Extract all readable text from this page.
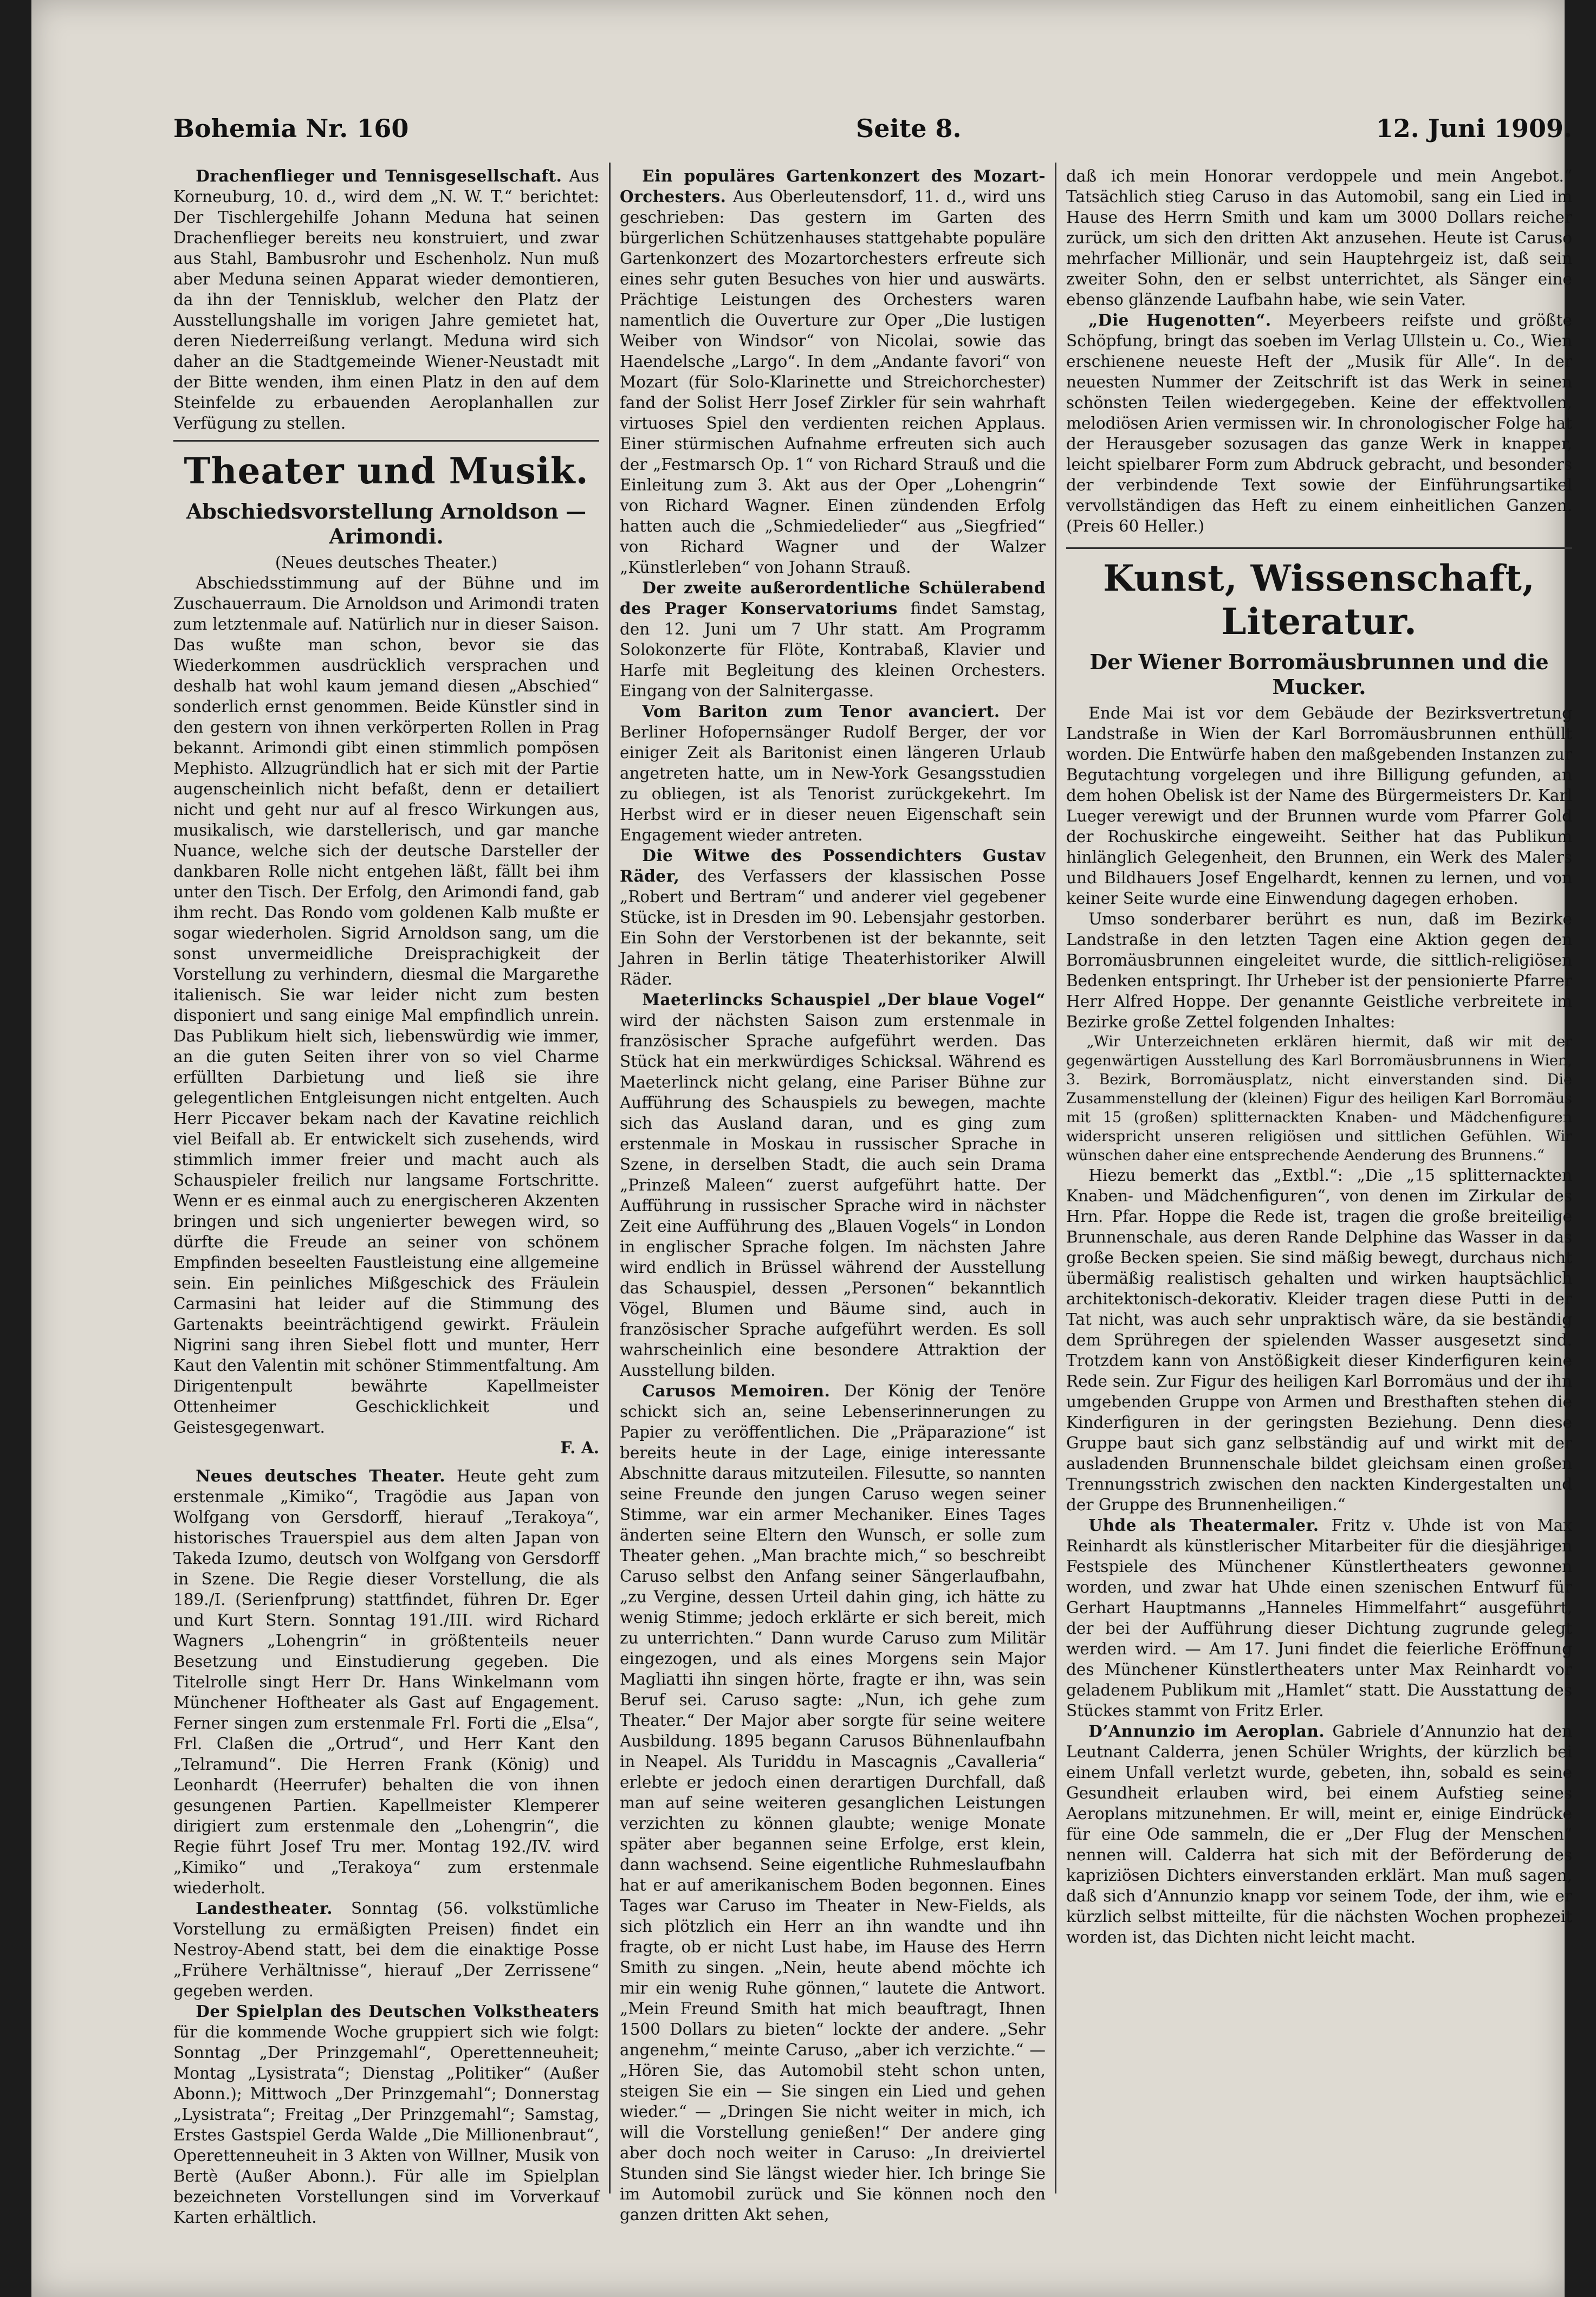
Bohemia Nr. 160	Seite 8.	12. Juni 1909.

Drachenflieger und Tennisgesellschaft. Aus Korneuburg, 10. d., wird dem „N. W. T.“ berichtet: Der Tischlergehilfe Johann Meduna hat seinen Drachenflieger bereits neu konstruiert, und zwar aus Stahl, Bambusrohr und Eschenholz. Nun muß aber Meduna seinen Apparat wieder demontieren, da ihn der Tennisklub, welcher den Platz der Ausstellungshalle im vorigen Jahre gemietet hat, deren Niederreißung verlangt. Meduna wird sich daher an die Stadtgemeinde Wiener-Neustadt mit der Bitte wenden, ihm einen Platz in den auf dem Steinfelde zu erbauenden Aeroplanhallen zur Verfügung zu stellen.

Theater und Musik.
Abschiedsvorstellung Arnoldson — Arimondi.

(Neues deutsches Theater.)

Abschiedsstimmung auf der Bühne und im Zuschauerraum. Die Arnoldson und Arimondi traten zum letztenmale auf. Natürlich nur in dieser Saison. Das wußte man schon, bevor sie das Wiederkommen ausdrücklich versprachen und deshalb hat wohl kaum jemand diesen „Abschied“ sonderlich ernst genommen. Beide Künstler sind in den gestern von ihnen verkörperten Rollen in Prag bekannt. Arimondi gibt einen stimmlich pompösen Mephisto. Allzugründlich hat er sich mit der Partie augenscheinlich nicht befaßt, denn er detailiert nicht und geht nur auf al fresco Wirkungen aus, musikalisch, wie darstellerisch, und gar manche Nuance, welche sich der deutsche Darsteller der dankbaren Rolle nicht entgehen läßt, fällt bei ihm unter den Tisch. Der Erfolg, den Arimondi fand, gab ihm recht. Das Rondo vom goldenen Kalb mußte er sogar wiederholen. Sigrid Arnoldson sang, um die sonst unvermeidliche Dreisprachigkeit der Vorstellung zu verhindern, diesmal die Margarethe italienisch. Sie war leider nicht zum besten disponiert und sang einige Mal empfindlich unrein. Das Publikum hielt sich, liebenswürdig wie immer, an die guten Seiten ihrer von so viel Charme erfüllten Darbietung und ließ sie ihre gelegentlichen Entgleisungen nicht entgelten. Auch Herr Piccaver bekam nach der Kavatine reichlich viel Beifall ab. Er entwickelt sich zusehends, wird stimmlich immer freier und macht auch als Schauspieler freilich nur langsame Fortschritte. Wenn er es einmal auch zu energischeren Akzenten bringen und sich ungenierter bewegen wird, so dürfte die Freude an seiner von schönem Empfinden beseelten Faustleistung eine allgemeine sein. Ein peinliches Mißgeschick des Fräulein Carmasini hat leider auf die Stimmung des Gartenakts beeinträchtigend gewirkt. Fräulein Nigrini sang ihren Siebel flott und munter, Herr Kaut den Valentin mit schöner Stimmentfaltung. Am Dirigentenpult bewährte Kapellmeister Ottenheimer Geschicklichkeit und Geistesgegenwart.

F. A.

Neues deutsches Theater. Heute geht zum erstenmale „Kimiko“, Tragödie aus Japan von Wolfgang von Gersdorff, hierauf „Terakoya“, historisches Trauerspiel aus dem alten Japan von Takeda Izumo, deutsch von Wolfgang von Gersdorff in Szene. Die Regie dieser Vorstellung, die als 189./I. (Serienfprung) stattfindet, führen Dr. Eger und Kurt Stern. Sonntag 191./III. wird Richard Wagners „Lohengrin“ in größtenteils neuer Besetzung und Einstudierung gegeben. Die Titelrolle singt Herr Dr. Hans Winkelmann vom Münchener Hoftheater als Gast auf Engagement. Ferner singen zum erstenmale Frl. Forti die „Elsa“, Frl. Claßen die „Ortrud“, und Herr Kant den „Telramund“. Die Herren Frank (König) und Leonhardt (Heerrufer) behalten die von ihnen gesungenen Partien. Kapellmeister Klemperer dirigiert zum erstenmale den „Lohengrin“, die Regie führt Josef Tru mer. Montag 192./IV. wird „Kimiko“ und „Terakoya“ zum erstenmale wiederholt.

Landestheater. Sonntag (56. volkstümliche Vorstellung zu ermäßigten Preisen) findet ein Nestroy-Abend statt, bei dem die einaktige Posse „Frühere Verhältnisse“, hierauf „Der Zerrissene“ gegeben werden.

Der Spielplan des Deutschen Volkstheaters für die kommende Woche gruppiert sich wie folgt: Sonntag „Der Prinzgemahl“, Operettenneuheit; Montag „Lysistrata“; Dienstag „Politiker“ (Außer Abonn.); Mittwoch „Der Prinzgemahl“; Donnerstag „Lysistrata“; Freitag „Der Prinzgemahl“; Samstag, Erstes Gastspiel Gerda Walde „Die Millionenbraut“, Operettenneuheit in 3 Akten von Willner, Musik von Bertè (Außer Abonn.). Für alle im Spielplan bezeichneten Vorstellungen sind im Vorverkauf Karten erhältlich.

Ein populäres Gartenkonzert des Mozart-Orchesters. Aus Oberleutensdorf, 11. d., wird uns geschrieben: Das gestern im Garten des bürgerlichen Schützenhauses stattgehabte populäre Gartenkonzert des Mozartorchesters erfreute sich eines sehr guten Besuches von hier und auswärts. Prächtige Leistungen des Orchesters waren namentlich die Ouverture zur Oper „Die lustigen Weiber von Windsor“ von Nicolai, sowie das Haendelsche „Largo“. In dem „Andante favori“ von Mozart (für Solo-Klarinette und Streichorchester) fand der Solist Herr Josef Zirkler für sein wahrhaft virtuoses Spiel den verdienten reichen Applaus. Einer stürmischen Aufnahme erfreuten sich auch der „Festmarsch Op. 1“ von Richard Strauß und die Einleitung zum 3. Akt aus der Oper „Lohengrin“ von Richard Wagner. Einen zündenden Erfolg hatten auch die „Schmiedelieder“ aus „Siegfried“ von Richard Wagner und der Walzer „Künstlerleben“ von Johann Strauß.

Der zweite außerordentliche Schülerabend des Prager Konservatoriums findet Samstag, den 12. Juni um 7 Uhr statt. Am Programm Solokonzerte für Flöte, Kontrabaß, Klavier und Harfe mit Begleitung des kleinen Orchesters. Eingang von der Salnitergasse.

Vom Bariton zum Tenor avanciert. Der Berliner Hofopernsänger Rudolf Berger, der vor einiger Zeit als Baritonist einen längeren Urlaub angetreten hatte, um in New-York Gesangsstudien zu obliegen, ist als Tenorist zurückgekehrt. Im Herbst wird er in dieser neuen Eigenschaft sein Engagement wieder antreten.

Die Witwe des Possendichters Gustav Räder, des Verfassers der klassischen Posse „Robert und Bertram“ und anderer viel gegebener Stücke, ist in Dresden im 90. Lebensjahr gestorben. Ein Sohn der Verstorbenen ist der bekannte, seit Jahren in Berlin tätige Theaterhistoriker Alwill Räder.

Maeterlincks Schauspiel „Der blaue Vogel“ wird der nächsten Saison zum erstenmale in französischer Sprache aufgeführt werden. Das Stück hat ein merkwürdiges Schicksal. Während es Maeterlinck nicht gelang, eine Pariser Bühne zur Aufführung des Schauspiels zu bewegen, machte sich das Ausland daran, und es ging zum erstenmale in Moskau in russischer Sprache in Szene, in derselben Stadt, die auch sein Drama „Prinzeß Maleen“ zuerst aufgeführt hatte. Der Aufführung in russischer Sprache wird in nächster Zeit eine Aufführung des „Blauen Vogels“ in London in englischer Sprache folgen. Im nächsten Jahre wird endlich in Brüssel während der Ausstellung das Schauspiel, dessen „Personen“ bekanntlich Vögel, Blumen und Bäume sind, auch in französischer Sprache aufgeführt werden. Es soll wahrscheinlich eine besondere Attraktion der Ausstellung bilden.

Carusos Memoiren. Der König der Tenöre schickt sich an, seine Lebenserinnerungen zu Papier zu veröffentlichen. Die „Präparazione“ ist bereits heute in der Lage, einige interessante Abschnitte daraus mitzuteilen. Filesutte, so nannten seine Freunde den jungen Caruso wegen seiner Stimme, war ein armer Mechaniker. Eines Tages änderten seine Eltern den Wunsch, er solle zum Theater gehen. „Man brachte mich,“ so beschreibt Caruso selbst den Anfang seiner Sängerlaufbahn, „zu Vergine, dessen Urteil dahin ging, ich hätte zu wenig Stimme; jedoch erklärte er sich bereit, mich zu unterrichten.“ Dann wurde Caruso zum Militär eingezogen, und als eines Morgens sein Major Magliatti ihn singen hörte, fragte er ihn, was sein Beruf sei. Caruso sagte: „Nun, ich gehe zum Theater.“ Der Major aber sorgte für seine weitere Ausbildung. 1895 begann Carusos Bühnenlaufbahn in Neapel. Als Turiddu in Mascagnis „Cavalleria“ erlebte er jedoch einen derartigen Durchfall, daß man auf seine weiteren gesanglichen Leistungen verzichten zu können glaubte; wenige Monate später aber begannen seine Erfolge, erst klein, dann wachsend. Seine eigentliche Ruhmeslaufbahn hat er auf amerikanischem Boden begonnen. Eines Tages war Caruso im Theater in New-Fields, als sich plötzlich ein Herr an ihn wandte und ihn fragte, ob er nicht Lust habe, im Hause des Herrn Smith zu singen. „Nein, heute abend möchte ich mir ein wenig Ruhe gönnen,“ lautete die Antwort. „Mein Freund Smith hat mich beauftragt, Ihnen 1500 Dollars zu bieten“ lockte der andere. „Sehr angenehm,“ meinte Caruso, „aber ich verzichte.“ — „Hören Sie, das Automobil steht schon unten, steigen Sie ein — Sie singen ein Lied und gehen wieder.“ — „Dringen Sie nicht weiter in mich, ich will die Vorstellung genießen!“ Der andere ging aber doch noch weiter in Caruso: „In dreiviertel Stunden sind Sie längst wieder hier. Ich bringe Sie im Automobil zurück und Sie können noch den ganzen dritten Akt sehen,

daß ich mein Honorar verdoppele und mein Angebot.“ Tatsächlich stieg Caruso in das Automobil, sang ein Lied im Hause des Herrn Smith und kam um 3000 Dollars reicher zurück, um sich den dritten Akt anzusehen. Heute ist Caruso mehrfacher Millionär, und sein Hauptehrgeiz ist, daß sein zweiter Sohn, den er selbst unterrichtet, als Sänger eine ebenso glänzende Laufbahn habe, wie sein Vater.

„Die Hugenotten“. Meyerbeers reifste und größte Schöpfung, bringt das soeben im Verlag Ullstein u. Co., Wien erschienene neueste Heft der „Musik für Alle“. In der neuesten Nummer der Zeitschrift ist das Werk in seinen schönsten Teilen wiedergegeben. Keine der effektvollen, melodiösen Arien vermissen wir. In chronologischer Folge hat der Herausgeber sozusagen das ganze Werk in knapper, leicht spielbarer Form zum Abdruck gebracht, und besonders der verbindende Text sowie der Einführungsartikel vervollständigen das Heft zu einem einheitlichen Ganzen. (Preis 60 Heller.)

Kunst, Wissenschaft, Literatur.
Der Wiener Borromäusbrunnen und die Mucker.

Ende Mai ist vor dem Gebäude der Bezirksvertretung Landstraße in Wien der Karl Borromäusbrunnen enthüllt worden. Die Entwürfe haben den maßgebenden Instanzen zur Begutachtung vorgelegen und ihre Billigung gefunden, an dem hohen Obelisk ist der Name des Bürgermeisters Dr. Karl Lueger verewigt und der Brunnen wurde vom Pfarrer Gold der Rochuskirche eingeweiht. Seither hat das Publikum hinlänglich Gelegenheit, den Brunnen, ein Werk des Malers und Bildhauers Josef Engelhardt, kennen zu lernen, und von keiner Seite wurde eine Einwendung dagegen erhoben.

Umso sonderbarer berührt es nun, daß im Bezirke Landstraße in den letzten Tagen eine Aktion gegen den Borromäusbrunnen eingeleitet wurde, die sittlich-religiösen Bedenken entspringt. Ihr Urheber ist der pensionierte Pfarrer Herr Alfred Hoppe. Der genannte Geistliche verbreitete im Bezirke große Zettel folgenden Inhaltes:

„Wir Unterzeichneten erklären hiermit, daß wir mit der gegenwärtigen Ausstellung des Karl Borromäusbrunnens in Wien, 3. Bezirk, Borromäusplatz, nicht einverstanden sind. Die Zusammenstellung der (kleinen) Figur des heiligen Karl Borromäus mit 15 (großen) splitternackten Knaben- und Mädchenfiguren widerspricht unseren religiösen und sittlichen Gefühlen. Wir wünschen daher eine entsprechende Aenderung des Brunnens.“

Hiezu bemerkt das „Extbl.“: „Die „15 splitternackten Knaben- und Mädchenfiguren“, von denen im Zirkular des Hrn. Pfar. Hoppe die Rede ist, tragen die große breiteilige Brunnenschale, aus deren Rande Delphine das Wasser in das große Becken speien. Sie sind mäßig bewegt, durchaus nicht übermäßig realistisch gehalten und wirken hauptsächlich architektonisch-dekorativ. Kleider tragen diese Putti in der Tat nicht, was auch sehr unpraktisch wäre, da sie beständig dem Sprühregen der spielenden Wasser ausgesetzt sind. Trotzdem kann von Anstößigkeit dieser Kinderfiguren keine Rede sein. Zur Figur des heiligen Karl Borromäus und der ihn umgebenden Gruppe von Armen und Bresthaften stehen die Kinderfiguren in der geringsten Beziehung. Denn diese Gruppe baut sich ganz selbständig auf und wirkt mit der ausladenden Brunnenschale bildet gleichsam einen großen Trennungsstrich zwischen den nackten Kindergestalten und der Gruppe des Brunnenheiligen.“

Uhde als Theatermaler. Fritz v. Uhde ist von Max Reinhardt als künstlerischer Mitarbeiter für die diesjährigen Festspiele des Münchener Künstlertheaters gewonnen worden, und zwar hat Uhde einen szenischen Entwurf für Gerhart Hauptmanns „Hanneles Himmelfahrt“ ausgeführt, der bei der Aufführung dieser Dichtung zugrunde gelegt werden wird. — Am 17. Juni findet die feierliche Eröffnung des Münchener Künstlertheaters unter Max Reinhardt vor geladenem Publikum mit „Hamlet“ statt. Die Ausstattung des Stückes stammt von Fritz Erler.

D’Annunzio im Aeroplan. Gabriele d’Annunzio hat den Leutnant Calderra, jenen Schüler Wrights, der kürzlich bei einem Unfall verletzt wurde, gebeten, ihn, sobald es seine Gesundheit erlauben wird, bei einem Aufstieg seines Aeroplans mitzunehmen. Er will, meint er, einige Eindrücke für eine Ode sammeln, die er „Der Flug der Menschen“ nennen will. Calderra hat sich mit der Beförderung des kapriziösen Dichters einverstanden erklärt. Man muß sagen, daß sich d’Annunzio knapp vor seinem Tode, der ihm, wie er kürzlich selbst mitteilte, für die nächsten Wochen prophezeit worden ist, das Dichten nicht leicht macht.
